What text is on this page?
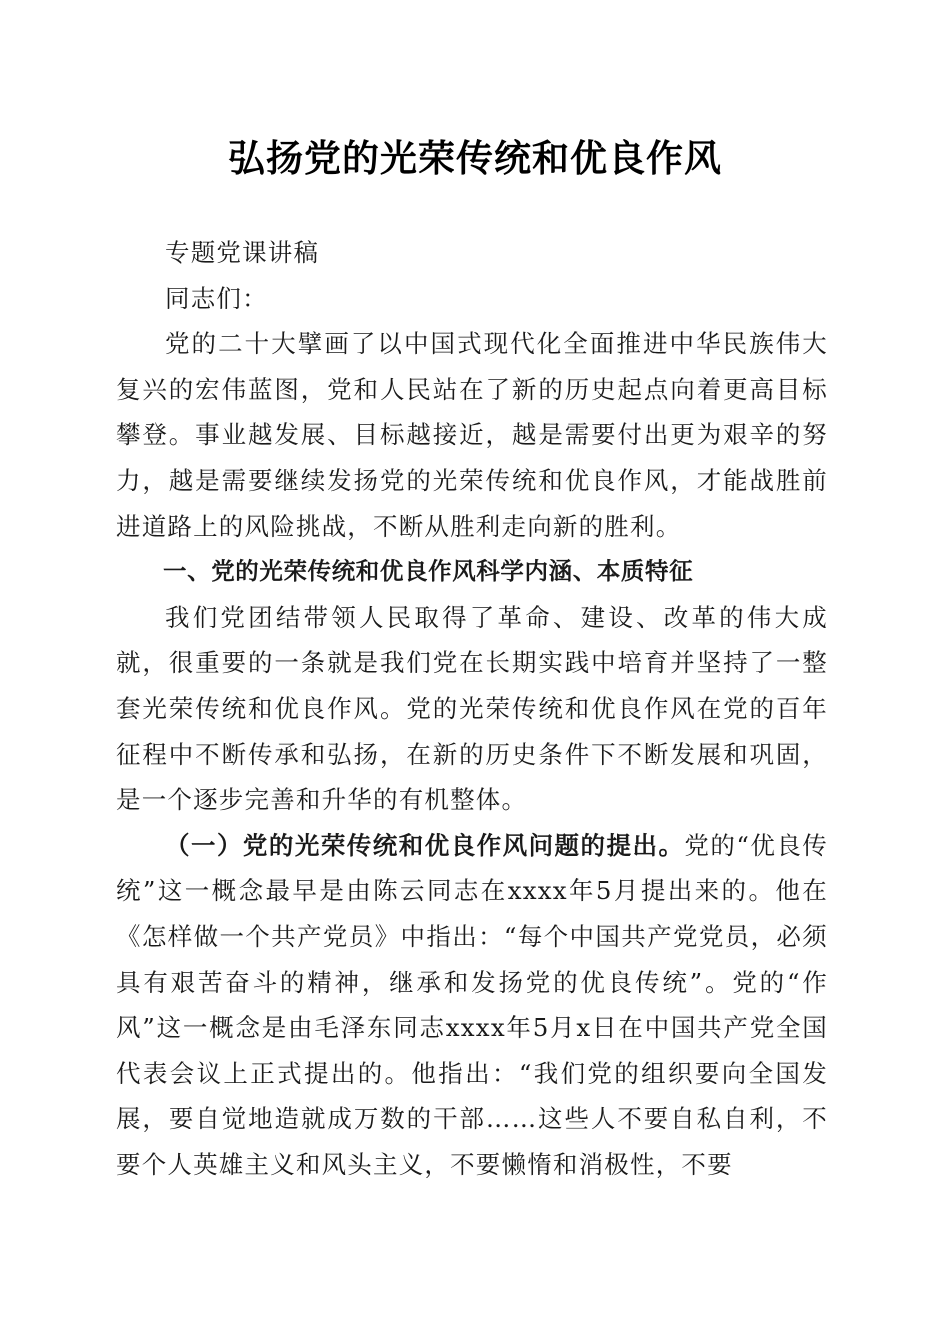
弘扬党的光荣传统和优良作风

专题党课讲稿

同志们：

党的二十大擘画了以中国式现代化全面推进中华民族伟大复兴的宏伟蓝图，党和人民站在了新的历史起点向着更高目标攀登。事业越发展、目标越接近，越是需要付出更为艰辛的努力，越是需要继续发扬党的光荣传统和优良作风，才能战胜前进道路上的风险挑战，不断从胜利走向新的胜利。

一、党的光荣传统和优良作风科学内涵、本质特征

我们党团结带领人民取得了革命、建设、改革的伟大成就，很重要的一条就是我们党在长期实践中培育并坚持了一整套光荣传统和优良作风。党的光荣传统和优良作风在党的百年征程中不断传承和弘扬，在新的历史条件下不断发展和巩固，是一个逐步完善和升华的有机整体。

（一）党的光荣传统和优良作风问题的提出。党的“优良传统”这一概念最早是由陈云同志在xxxx年5月提出来的。他在《怎样做一个共产党员》中指出：“每个中国共产党党员，必须具有艰苦奋斗的精神，继承和发扬党的优良传统”。党的“作风”这一概念是由毛泽东同志xxxx年5月x日在中国共产党全国代表会议上正式提出的。他指出：“我们党的组织要向全国发展，要自觉地造就成万数的干部……这些人不要自私自利，不要个人英雄主义和风头主义，不要懒惰和消极性，不要
